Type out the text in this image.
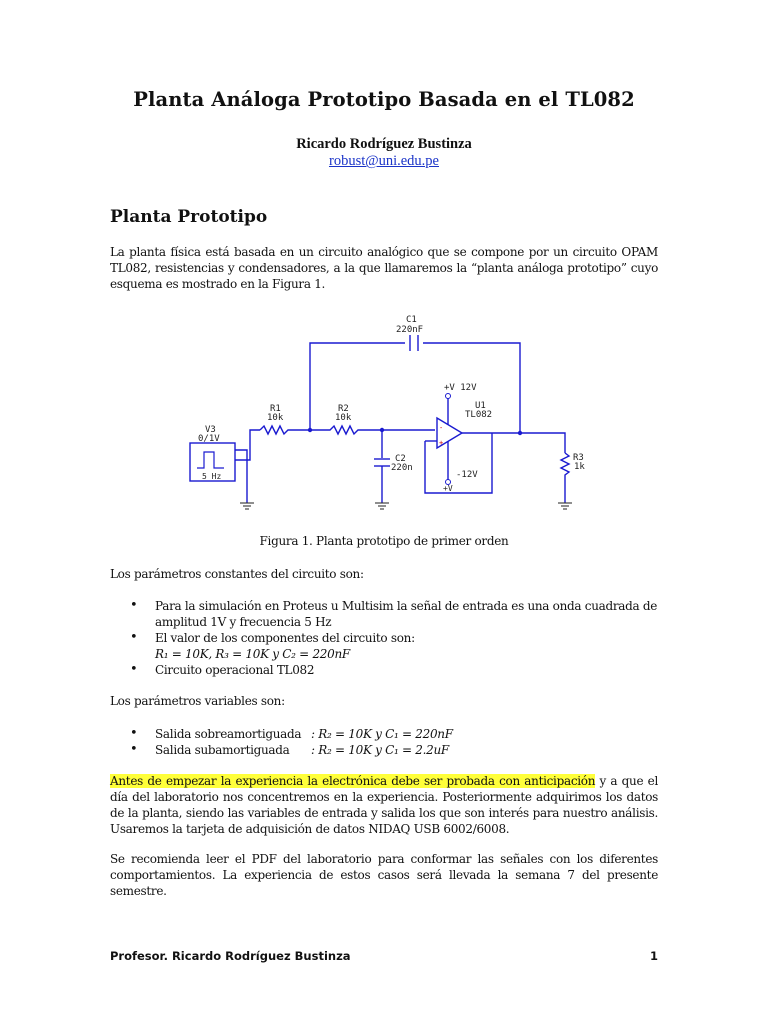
Planta Análoga Prototipo Basada en el TL082
Ricardo Rodríguez Bustinza
robust@uni.edu.pe
Planta Prototipo
La planta física está basada en un circuito analógico que se compone por un circuito OPAM TL082, resistencias y condensadores, a la que llamaremos la “planta análoga prototipo” cuyo esquema es mostrado en la Figura 1.
-
+
C1
220nF
R1
10k
R2
10k
C2
220n
V3
0/1V
5 Hz
U1
TL082
+V 12V
-12V
+V
R3
1k
Figura 1. Planta prototipo de primer orden
Los parámetros constantes del circuito son:
• Para la simulación en Proteus u Multisim la señal de entrada es una onda cuadrada de amplitud 1V y frecuencia 5 Hz
• El valor de los componentes del circuito son:
R₁ = 10K, R₃ = 10K y C₂ = 220nF
• Circuito operacional TL082
Los parámetros variables son:
• Salida sobreamortiguada : R₂ = 10K y C₁ = 220nF
• Salida subamortiguada : R₂ = 10K y C₁ = 2.2uF
Antes de empezar la experiencia la electrónica debe ser probada con anticipación y a que el día del laboratorio nos concentremos en la experiencia. Posteriormente adquirimos los datos de la planta, siendo las variables de entrada y salida los que son interés para nuestro análisis. Usaremos la tarjeta de adquisición de datos NIDAQ USB 6002/6008.
Se recomienda leer el PDF del laboratorio para conformar las señales con los diferentes comportamientos. La experiencia de estos casos será llevada la semana 7 del presente semestre.
Profesor. Ricardo Rodríguez Bustinza	1
